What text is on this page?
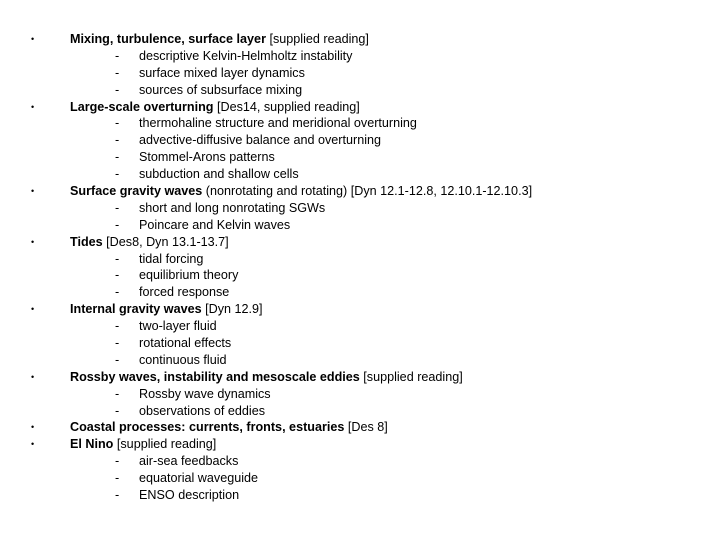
•	Mixing, turbulence, surface layer [supplied reading]
- descriptive Kelvin-Helmholtz instability
- surface mixed layer dynamics
- sources of subsurface mixing
•	Large-scale overturning [Des14, supplied reading]
- thermohaline structure and meridional overturning
- advective-diffusive balance and overturning
- Stommel-Arons patterns
- subduction and shallow cells
•	Surface gravity waves (nonrotating and rotating) [Dyn 12.1-12.8, 12.10.1-12.10.3]
- short and long nonrotating SGWs
- Poincare and Kelvin waves
•	Tides [Des8, Dyn 13.1-13.7]
- tidal forcing
- equilibrium theory
- forced response
•	Internal gravity waves [Dyn 12.9]
- two-layer fluid
- rotational effects
- continuous fluid
•	Rossby waves, instability and mesoscale eddies [supplied reading]
- Rossby wave dynamics
- observations of eddies
•	Coastal processes: currents, fronts, estuaries [Des 8]
•	El Nino [supplied reading]
- air-sea feedbacks
- equatorial waveguide
- ENSO description
